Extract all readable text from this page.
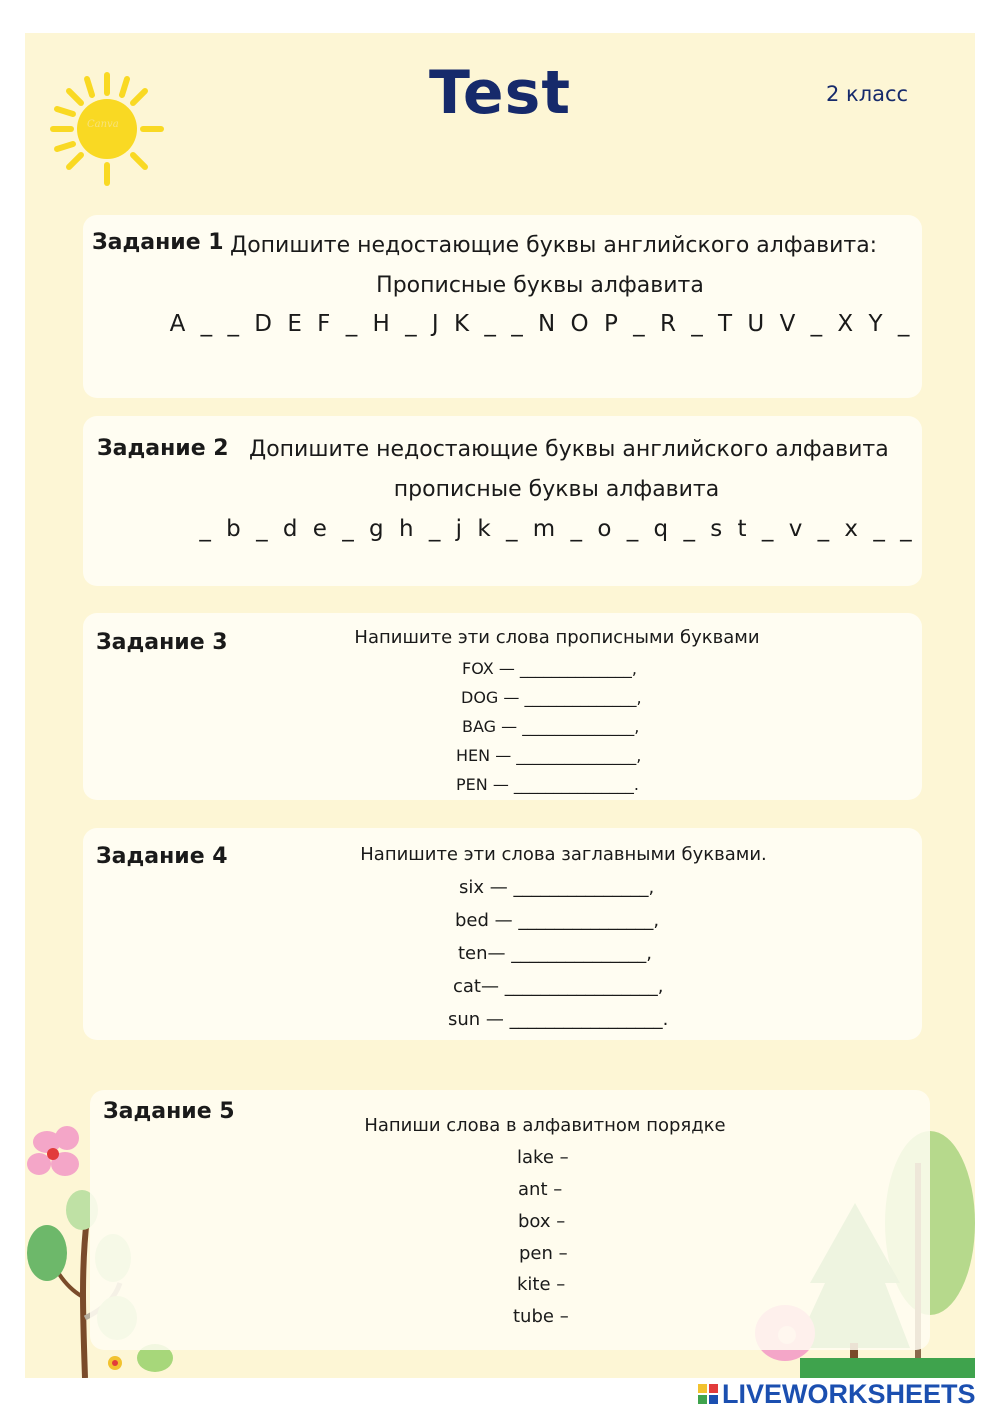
Canva	Test	2 класс
Задание 1 Допишите недостающие буквы английского алфавита:
Прописные буквы алфавита
A _ _ D E F _ H _ J K _ _ N O P _ R _ T U V _ X Y _
Задание 2 Допишите недостающие буквы английского алфавита
прописные буквы алфавита
_ b _ d e _ g h _ j k _ m _ o _ q _ s t _ v _ x _ _
Задание 3	Напишите эти слова прописными буквами
FOX — ______________,
DOG — ______________,
BAG — ______________,
HEN — _______________,
PEN — _______________.
Задание 4	Напишите эти слова заглавными буквами.
six — _______________,
bed — _______________,
ten— _______________,
cat— _________________,
sun — _________________.
Задание 5
Напиши слова в алфавитном порядке
lake –
ant –
box –
pen –
kite –
tube –
LIVEWORKSHEETS
